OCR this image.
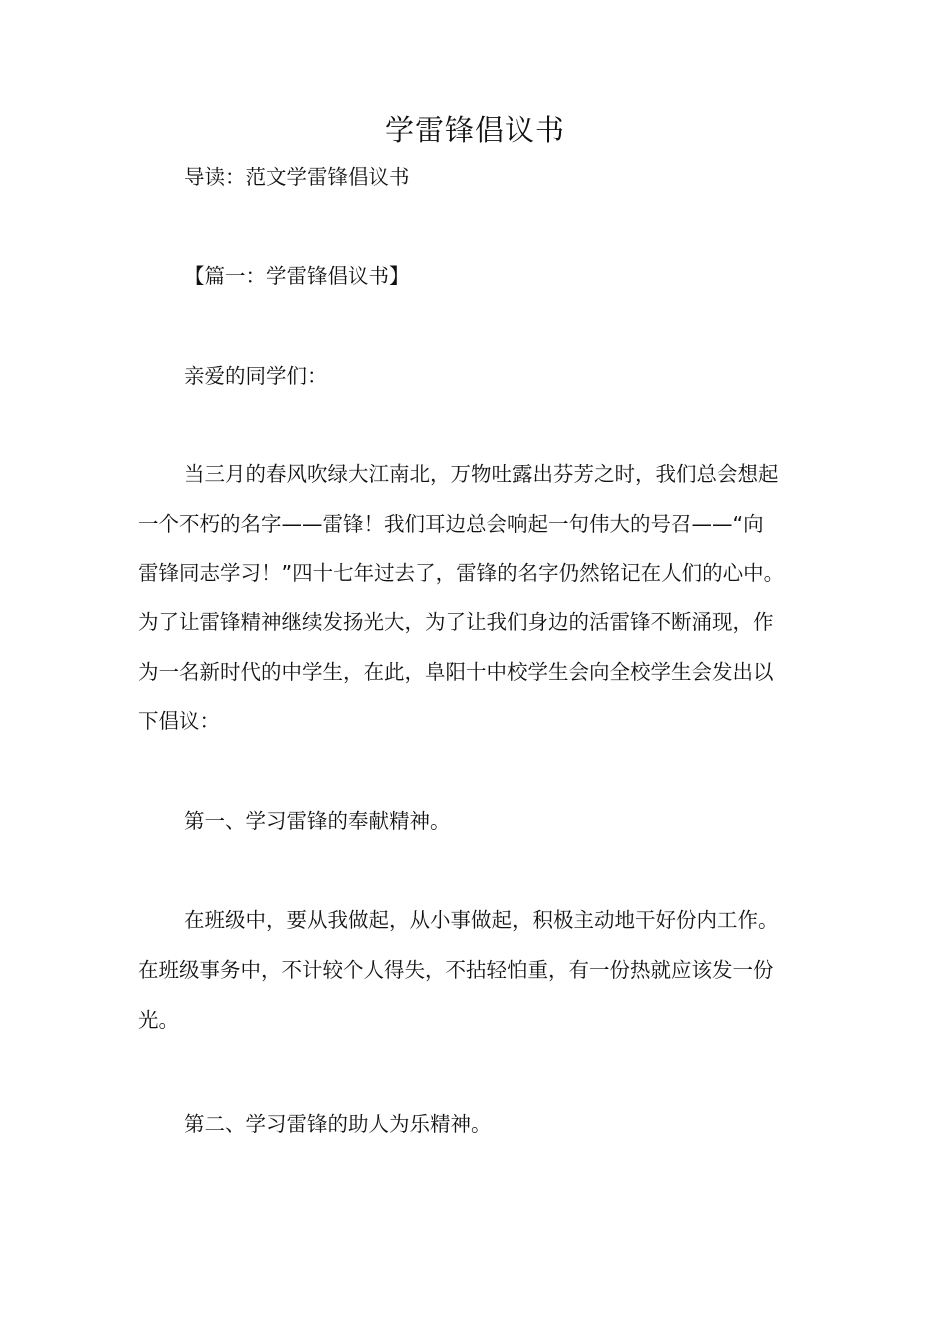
学雷锋倡议书
导读：范文学雷锋倡议书
【篇一：学雷锋倡议书】
亲爱的同学们：
当三月的春风吹绿大江南北，万物吐露出芬芳之时，我们总会想起
一个不朽的名字——雷锋！我们耳边总会响起一句伟大的号召——“向
雷锋同志学习！”四十七年过去了，雷锋的名字仍然铭记在人们的心中。
为了让雷锋精神继续发扬光大，为了让我们身边的活雷锋不断涌现，作
为一名新时代的中学生，在此，阜阳十中校学生会向全校学生会发出以
下倡议：
第一、学习雷锋的奉献精神。
在班级中，要从我做起，从小事做起，积极主动地干好份内工作。
在班级事务中，不计较个人得失，不拈轻怕重，有一份热就应该发一份
光。
第二、学习雷锋的助人为乐精神。
